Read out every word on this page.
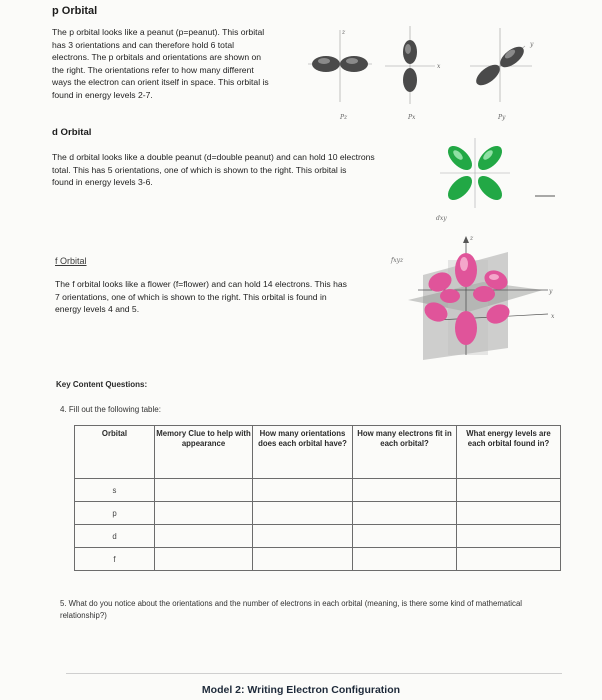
p Orbital
The p orbital looks like a peanut (p=peanut). This orbital
has 3 orientations and can therefore hold 6 total
electrons. The p orbitals and orientations are shown on
the right. The orientations refer to how many different
ways the electron can orient itself in space. This orbital is
found in energy levels 2-7.
Pz
z
Px
x
Py
y
d Orbital
The d orbital looks like a double peanut (d=double peanut) and can hold 10 electrons
total. This has 5 orientations, one of which is shown to the right. This orbital is
found in energy levels 3-6.
dxy
f Orbital
The f orbital looks like a flower (f=flower) and can hold 14 electrons. This has
7 orientations, one of which is shown to the right. This orbital is found in
energy levels 4 and 5.
fxyz
z
y
x
Key Content Questions:
4. Fill out the following table:
Orbital	Memory Clue to help with appearance	How many orientations does each orbital have?	How many electrons fit in each orbital?	What energy levels are each orbital found in?
s				
p				
d				
f				
5. What do you notice about the orientations and the number of electrons in each orbital (meaning, is there some kind of mathematical relationship?)
Model 2: Writing Electron Configuration
